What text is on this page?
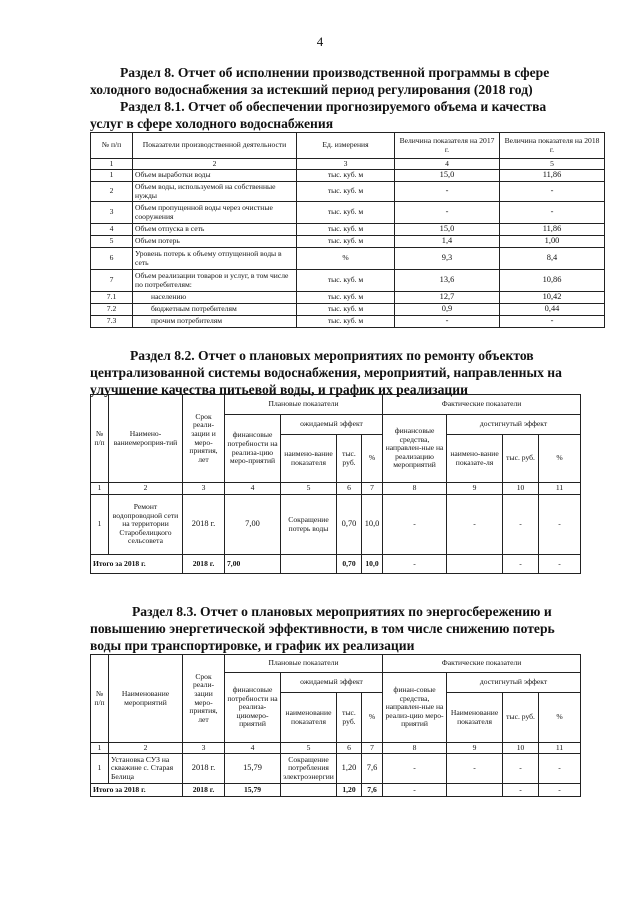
4
Раздел 8. Отчет об исполнении производственной программы в сфере
холодного водоснабжения за истекший период регулирования (2018 год)
Раздел 8.1. Отчет об обеспечении прогнозируемого объема и качества
услуг в сфере холодного водоснабжения
№ п/п	Показатели производственной деятельности	Ед. измерения	Величина показателя на 2017 г.	Величина показателя на 2018 г.
1	2	3	4	5
1	Объем выработки воды	тыс. куб. м	15,0	11,86
2	Объем воды, используемой на собственные нужды	тыс. куб. м	-	-
3	Объем пропущенной воды через очистные сооружения	тыс. куб. м	-	-
4	Объем отпуска в сеть	тыс. куб. м	15,0	11,86
5	Объем потерь	тыс. куб. м	1,4	1,00
6	Уровень потерь к объему отпущенной воды в сеть	%	9,3	8,4
7	Объем реализации товаров и услуг, в том числе по потребителям:	тыс. куб. м	13,6	10,86
7.1	населению	тыс. куб. м	12,7	10,42
7.2	бюджетным потребителям	тыс. куб. м	0,9	0,44
7.3	прочим потребителям	тыс. куб. м	-	-
Раздел 8.2. Отчет о плановых мероприятиях по ремонту объектов
централизованной системы водоснабжения, мероприятий, направленных на
улучшение качества питьевой воды, и график их реализации
№ п/п	Наимено-ваниемероприя-тий	Срок реали-зации и меро-приятия, лет	Плановые показатели				Фактические показатели			
			финансовые потребности на реализа-цию меро-приятий	ожидаемый эффект			финансовые средства, направлен-ные на реализацию мероприятий	достигнутый эффект		
				наимено-вание показателя	тыс. руб.	%		наимено-вание показате-ля	тыс. руб.	%
1	2	3	4	5	6	7	8	9	10	11
1	Ремонт водопроводной сети на территории Старобелицкого сельсовета	2018 г.	7,00	Сокращение потерь воды	0,70	10,0	-	-	-	-
Итого за 2018 г.		2018 г.	7,00		0,70	10,0	-		-	-
Раздел 8.3. Отчет о плановых мероприятиях по энергосбережению и
повышению энергетической эффективности, в том числе снижению потерь
воды при транспортировке, и график их реализации
№ п/п	Наименование мероприятий	Срок реали-зации меро-приятия, лет	Плановые показатели				Фактические показатели			
			финансовые потребности на реализа-циюмеро-приятий	ожидаемый эффект			финан-совые средства, направлен-ные на реализ-цию меро-приятий	достигнутый эффект		
				наименование показателя	тыс. руб.	%		Наименование показателя	тыс. руб.	%
1	2	3	4	5	6	7	8	9	10	11
1	Установка СУЗ на скважине с. Старая Белица	2018 г.	15,79	Сокращение потребления электроэнергии	1,20	7,6	-	-	-	-
Итого за 2018 г.		2018 г.	15,79		1,20	7,6	-		-	-
